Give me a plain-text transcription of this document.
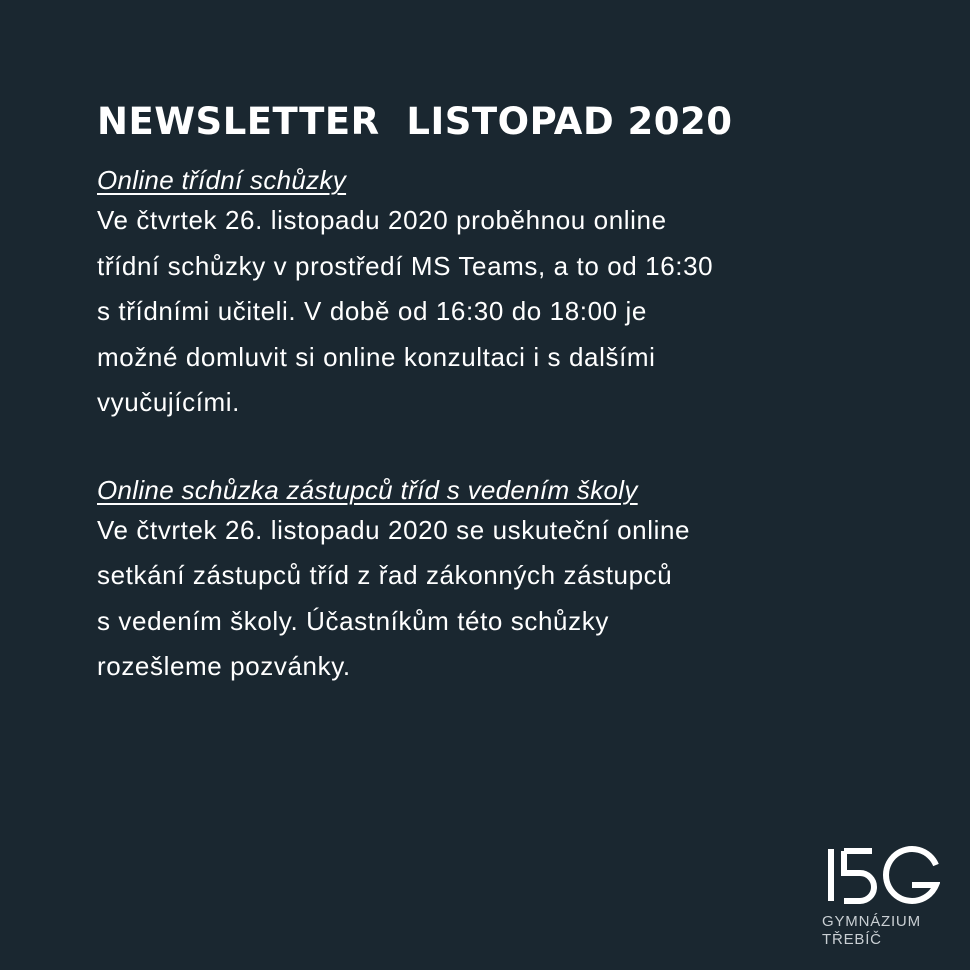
NEWSLETTER  LISTOPAD 2020

Online třídní schůzky

Ve čtvrtek 26. listopadu 2020 proběhnou online
třídní schůzky v prostředí MS Teams, a to od 16:30
s třídními učiteli. V době od 16:30 do 18:00 je
možné domluvit si online konzultaci i s dalšími
vyučujícími.

Online schůzka zástupců tříd s vedením školy

Ve čtvrtek 26. listopadu 2020 se uskuteční online
setkání zástupců tříd z řad zákonných zástupců
s vedením školy. Účastníkům této schůzky
rozešleme pozvánky.
GYMNÁZIUM
TŘEBÍČ
